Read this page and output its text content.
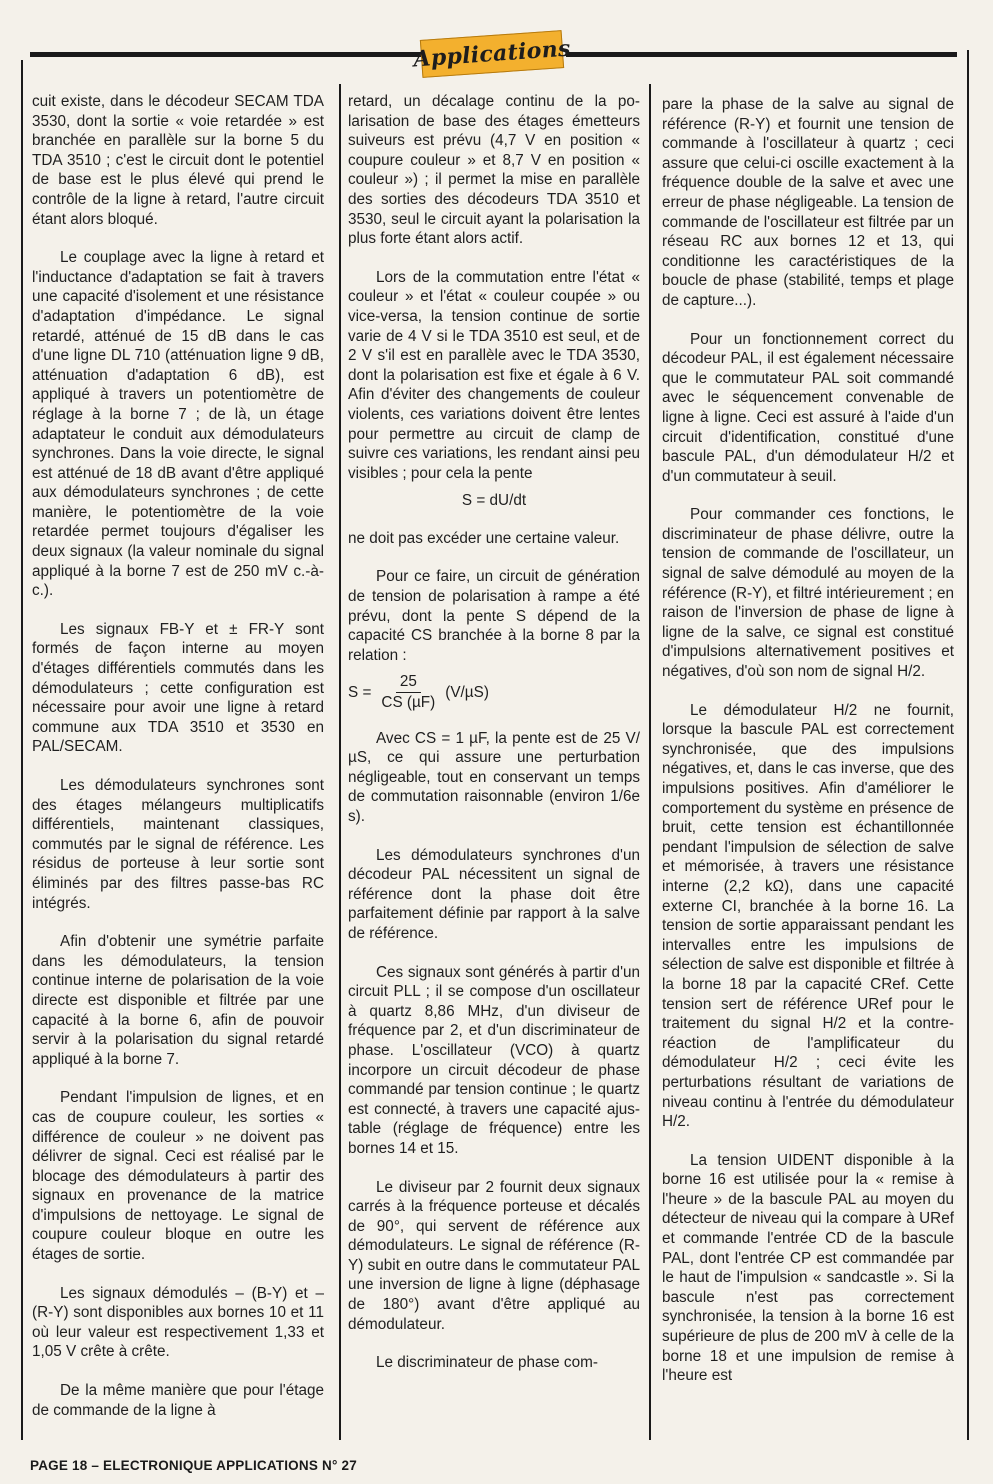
Applications

cuit existe, dans le décodeur SECAM TDA 3530, dont la sortie « voie retardée » est branchée en parallèle sur la borne 5 du TDA 3510 ; c'est le circuit dont le potentiel de base est le plus élevé qui prend le contrôle de la ligne à retard, l'autre circuit étant alors bloqué.

Le couplage avec la ligne à retard et l'inductance d'adaptation se fait à travers une capacité d'isolement et une résistance d'adaptation d'impédance. Le signal retardé, atténué de 15 dB dans le cas d'une ligne DL 710 (atténuation ligne 9 dB, atténuation d'adaptation 6 dB), est appliqué à travers un potentiomètre de réglage à la borne 7 ; de là, un étage adaptateur le conduit aux démodulateurs synchrones. Dans la voie directe, le signal est atténué de 18 dB avant d'être appliqué aux démodulateurs synchrones ; de cette manière, le potentiomètre de la voie retardée permet toujours d'égaliser les deux signaux (la valeur nominale du signal appliqué à la borne 7 est de 250 mV c.-à-c.).

Les signaux FB-Y et ± FR-Y sont formés de façon interne au moyen d'étages différentiels commutés dans les démodulateurs ; cette configuration est nécessaire pour avoir une ligne à retard commune aux TDA 3510 et 3530 en PAL/SECAM.

Les démodulateurs synchrones sont des étages mélangeurs multiplicatifs différentiels, maintenant classiques, commutés par le signal de référence. Les résidus de porteuse à leur sortie sont éliminés par des filtres passe-bas RC intégrés.

Afin d'obtenir une symétrie parfaite dans les démodulateurs, la tension continue interne de polarisation de la voie directe est disponible et filtrée par une capacité à la borne 6, afin de pouvoir servir à la polarisation du signal retardé appliqué à la borne 7.

Pendant l'impulsion de lignes, et en cas de coupure couleur, les sorties « différence de couleur » ne doivent pas délivrer de signal. Ceci est réalisé par le blocage des démodulateurs à partir des signaux en provenance de la matrice d'impulsions de nettoyage. Le signal de coupure couleur bloque en outre les étages de sortie.

Les signaux démodulés – (B-Y) et – (R-Y) sont disponibles aux bornes 10 et 11 où leur valeur est respectivement 1,33 et 1,05 V crête à crête.

De la même manière que pour l'étage de commande de la ligne à

retard, un décalage continu de la polarisation de base des étages émetteurs suiveurs est prévu (4,7 V en position « coupure couleur » et 8,7 V en position « couleur ») ; il permet la mise en parallèle des sorties des décodeurs TDA 3510 et 3530, seul le circuit ayant la polarisation la plus forte étant alors actif.

Lors de la commutation entre l'état « couleur » et l'état « couleur coupée » ou vice-versa, la tension continue de sortie varie de 4 V si le TDA 3510 est seul, et de 2 V s'il est en parallèle avec le TDA 3530, dont la polarisation est fixe et égale à 6 V. Afin d'éviter des changements de couleur violents, ces variations doivent être lentes pour permettre au circuit de clamp de suivre ces variations, les rendant ainsi peu visibles ; pour cela la pente

S = dU/dt

ne doit pas excéder une certaine valeur.

Pour ce faire, un circuit de génération de tension de polarisation à rampe a été prévu, dont la pente S dépend de la capacité CS branchée à la borne 8 par la relation :

$S = \frac{25}{\text{CS (µF)}} (V/\mu S)$

Avec CS = 1 µF, la pente est de 25 V/µS, ce qui assure une perturbation négligeable, tout en conservant un temps de commutation raisonnable (environ 1/6e s).

Les démodulateurs synchrones d'un décodeur PAL nécessitent un signal de référence dont la phase doit être parfaitement définie par rapport à la salve de référence.

Ces signaux sont générés à partir d'un circuit PLL ; il se compose d'un oscillateur à quartz 8,86 MHz, d'un diviseur de fréquence par 2, et d'un discriminateur de phase. L'oscillateur (VCO) à quartz incorpore un circuit décodeur de phase commandé par tension continue ; le quartz est connecté, à travers une capacité ajustable (réglage de fréquence) entre les bornes 14 et 15.

Le diviseur par 2 fournit deux signaux carrés à la fréquence porteuse et décalés de 90°, qui servent de référence aux démodulateurs. Le signal de référence (R-Y) subit en outre dans le commutateur PAL une inversion de ligne à ligne (déphasage de 180°) avant d'être appliqué au démodulateur.

Le discriminateur de phase com-

pare la phase de la salve au signal de référence (R-Y) et fournit une tension de commande à l'oscillateur à quartz ; ceci assure que celui-ci oscille exactement à la fréquence double de la salve et avec une erreur de phase négligeable. La tension de commande de l'oscillateur est filtrée par un réseau RC aux bornes 12 et 13, qui conditionne les caractéristiques de la boucle de phase (stabilité, temps et plage de capture...).

Pour un fonctionnement correct du décodeur PAL, il est également nécessaire que le commutateur PAL soit commandé avec le séquencement convenable de ligne à ligne. Ceci est assuré à l'aide d'un circuit d'identification, constitué d'une bascule PAL, d'un démodulateur H/2 et d'un commutateur à seuil.

Pour commander ces fonctions, le discriminateur de phase délivre, outre la tension de commande de l'oscillateur, un signal de salve démodulé au moyen de la référence (R-Y), et filtré intérieurement ; en raison de l'inversion de phase de ligne à ligne de la salve, ce signal est constitué d'impulsions alternativement positives et négatives, d'où son nom de signal H/2.

Le démodulateur H/2 ne fournit, lorsque la bascule PAL est correctement synchronisée, que des impulsions négatives, et, dans le cas inverse, que des impulsions positives. Afin d'améliorer le comportement du système en présence de bruit, cette tension est échantillonnée pendant l'impulsion de sélection de salve et mémorisée, à travers une résistance interne (2,2 kΩ), dans une capacité externe CI, branchée à la borne 16. La tension de sortie apparaissant pendant les intervalles entre les impulsions de sélection de salve est disponible et filtrée à la borne 18 par la capacité CRef. Cette tension sert de référence URef pour le traitement du signal H/2 et la contre-réaction de l'amplificateur du démodulateur H/2 ; ceci évite les perturbations résultant de variations de niveau continu à l'entrée du démodulateur H/2.

La tension UIDENT disponible à la borne 16 est utilisée pour la « remise à l'heure » de la bascule PAL au moyen du détecteur de niveau qui la compare à URef et commande l'entrée CD de la bascule PAL, dont l'entrée CP est commandée par le haut de l'impulsion « sandcastle ». Si la bascule n'est pas correctement synchronisée, la tension à la borne 16 est supérieure de plus de 200 mV à celle de la borne 18 et une impulsion de remise à l'heure est

PAGE 18 – ELECTRONIQUE APPLICATIONS N° 27
